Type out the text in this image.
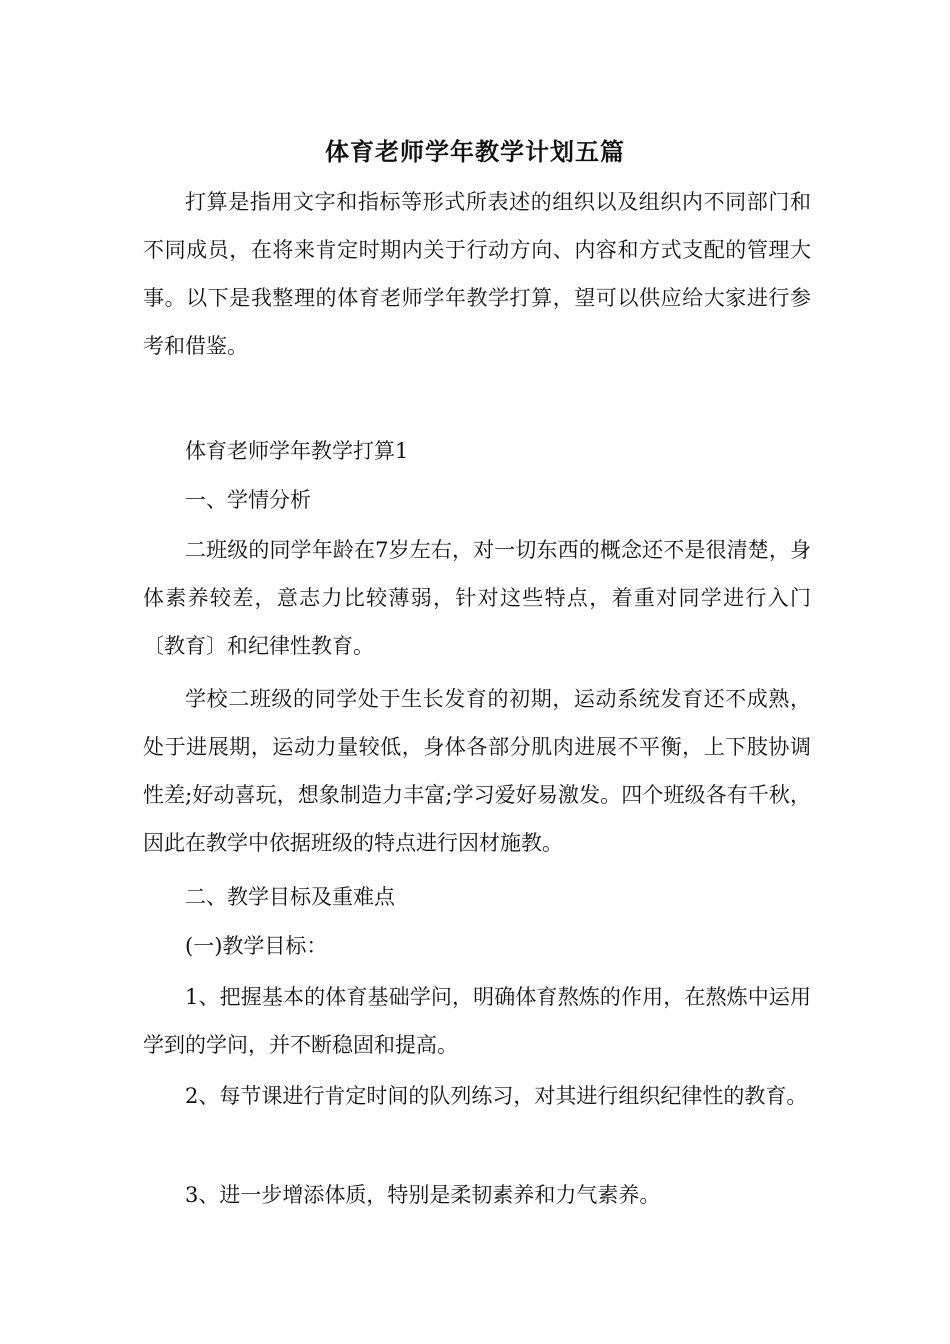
体育老师学年教学计划五篇

打算是指用文字和指标等形式所表述的组织以及组织内不同部门和不同成员，在将来肯定时期内关于行动方向、内容和方式支配的管理大事。以下是我整理的体育老师学年教学打算，望可以供应给大家进行参考和借鉴。

体育老师学年教学打算1

一、学情分析

二班级的同学年龄在7岁左右，对一切东西的概念还不是很清楚，身体素养较差，意志力比较薄弱，针对这些特点，着重对同学进行入门〔教育〕和纪律性教育。

学校二班级的同学处于生长发育的初期，运动系统发育还不成熟，处于进展期，运动力量较低，身体各部分肌肉进展不平衡，上下肢协调性差;好动喜玩，想象制造力丰富;学习爱好易激发。四个班级各有千秋，因此在教学中依据班级的特点进行因材施教。

二、教学目标及重难点

(一)教学目标：

1、把握基本的体育基础学问，明确体育熬炼的作用，在熬炼中运用学到的学问，并不断稳固和提高。

2、每节课进行肯定时间的队列练习，对其进行组织纪律性的教育。

3、进一步增添体质，特别是柔韧素养和力气素养。
